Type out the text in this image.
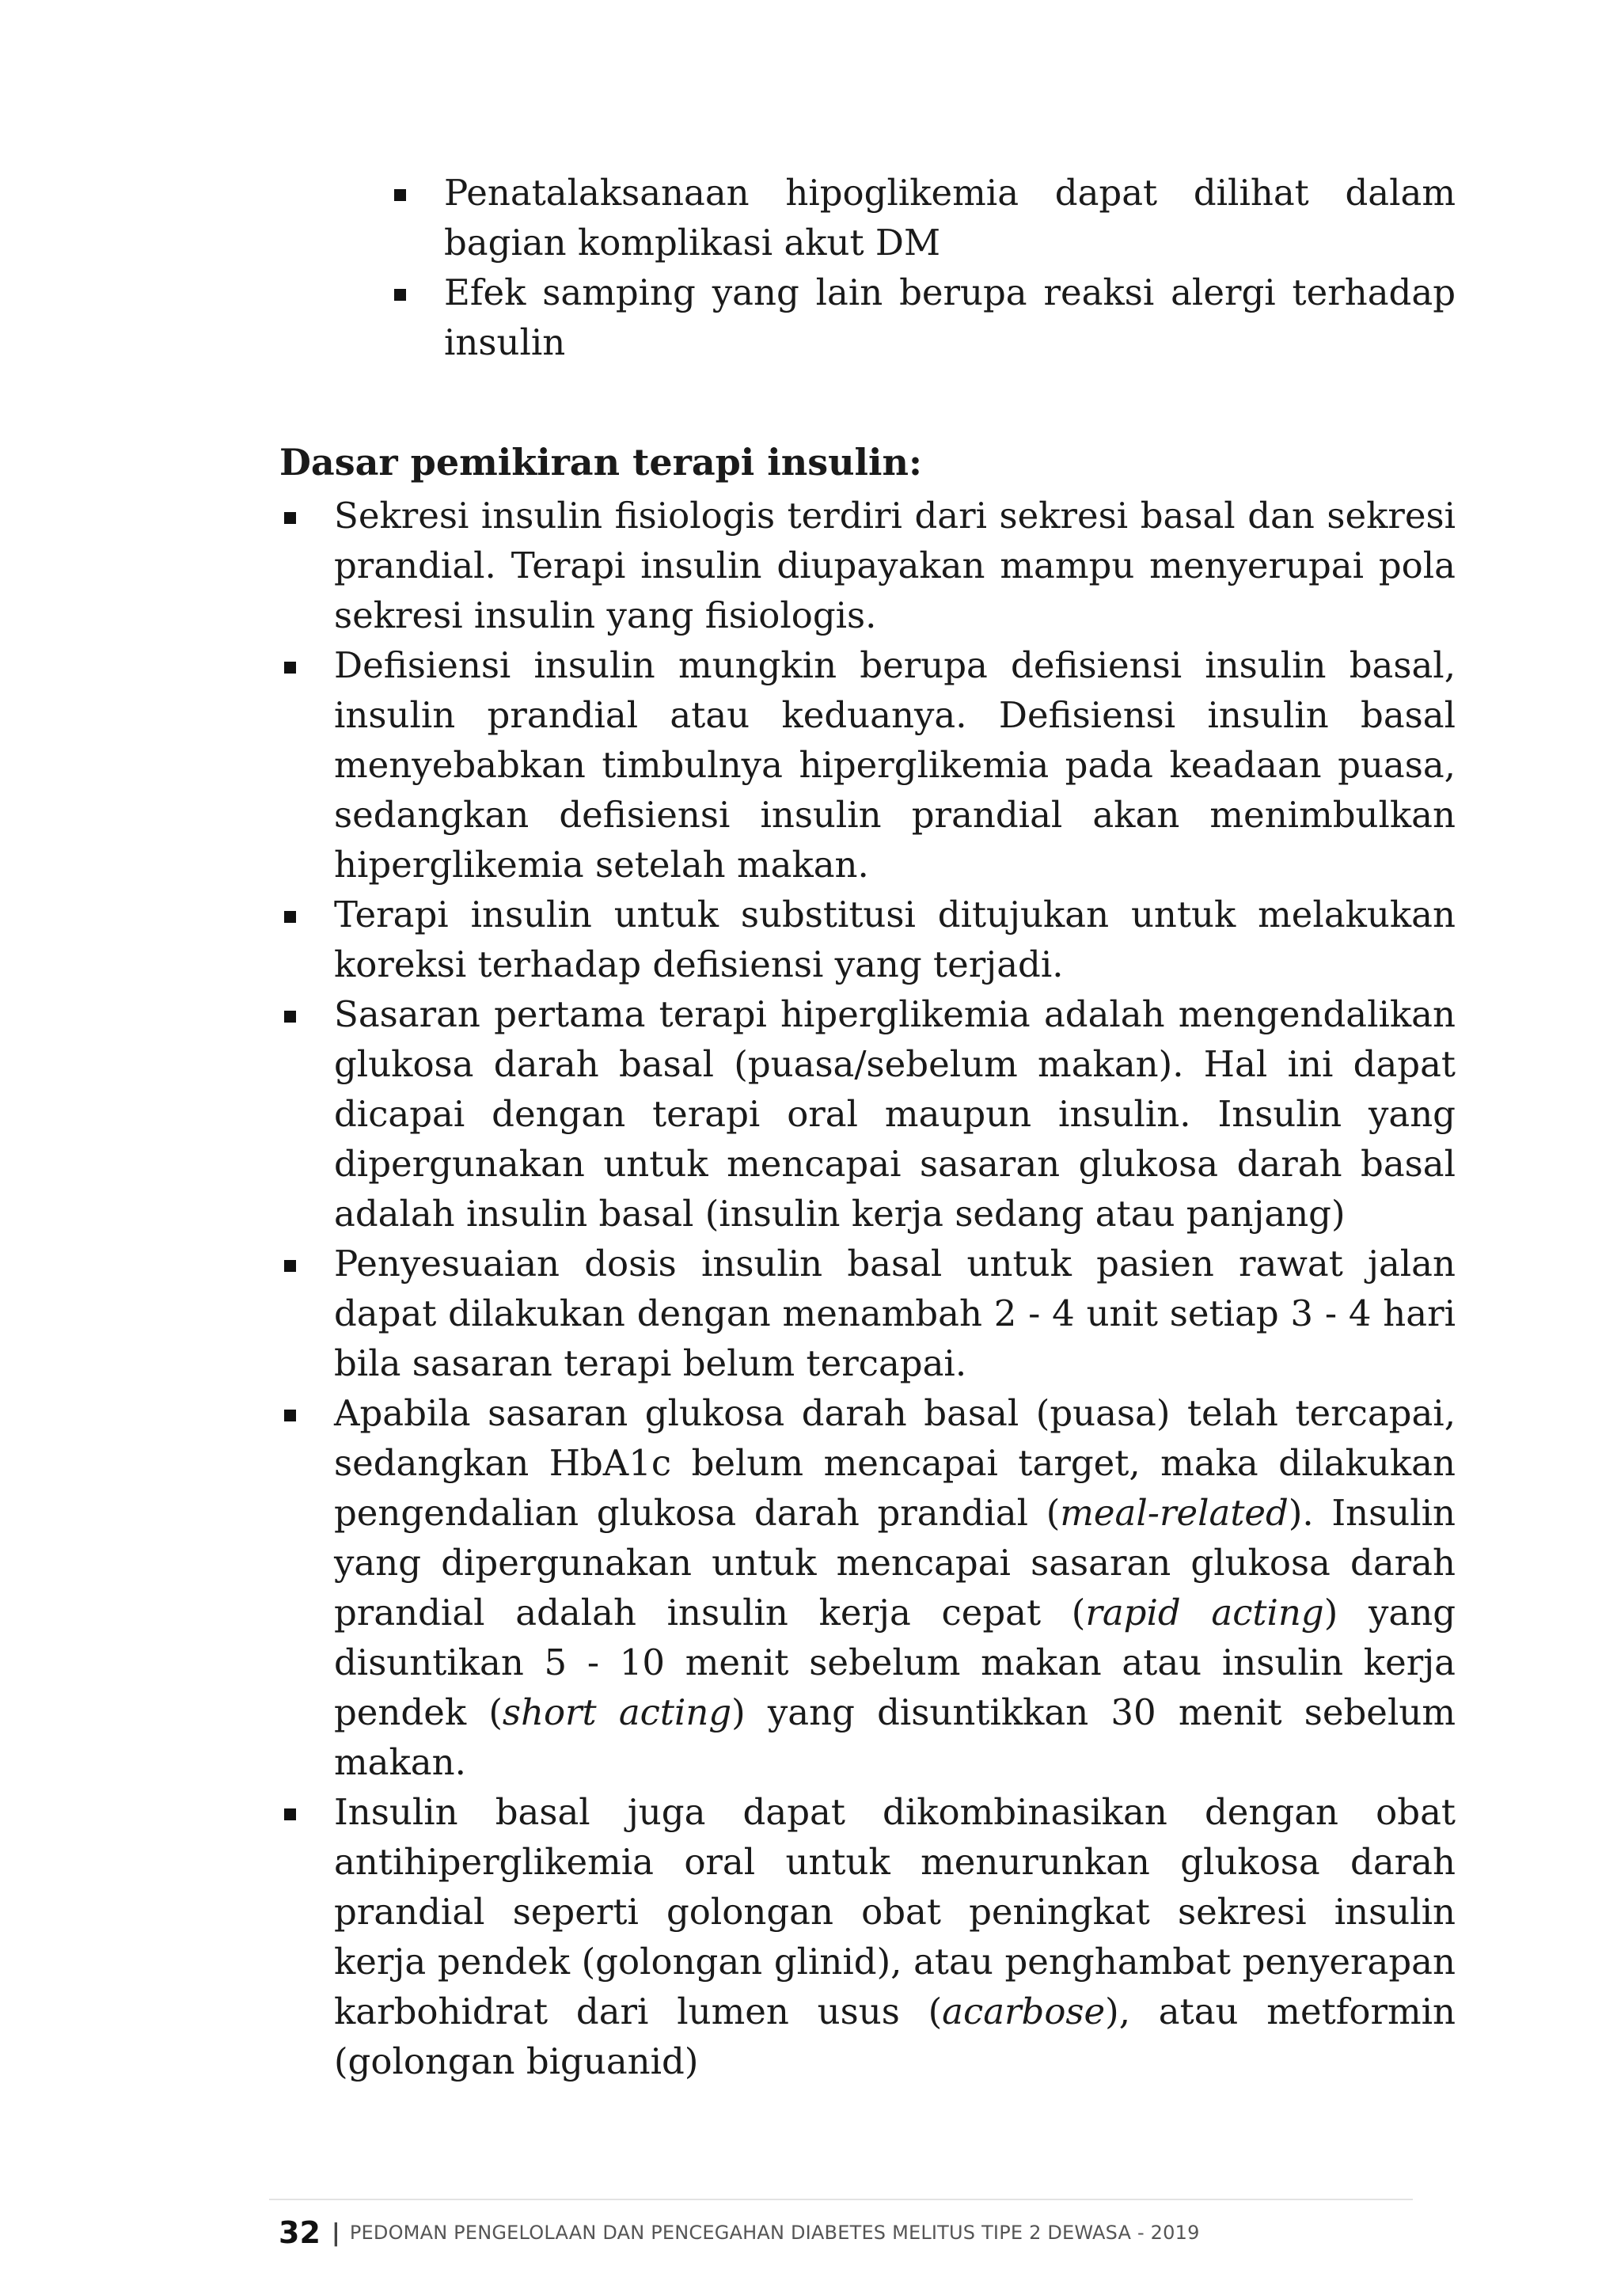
Penatalaksanaan hipoglikemia dapat dilihat dalam bagian komplikasi akut DM
Efek samping yang lain berupa reaksi alergi terhadap insulin
Dasar pemikiran terapi insulin:
Sekresi insulin fisiologis terdiri dari sekresi basal dan sekresi prandial. Terapi insulin diupayakan mampu menyerupai pola sekresi insulin yang fisiologis.
Defisiensi insulin mungkin berupa defisiensi insulin basal, insulin prandial atau keduanya. Defisiensi insulin basal menyebabkan timbulnya hiperglikemia pada keadaan puasa, sedangkan defisiensi insulin prandial akan menimbulkan hiperglikemia setelah makan.
Terapi insulin untuk substitusi ditujukan untuk melakukan koreksi terhadap defisiensi yang terjadi.
Sasaran pertama terapi hiperglikemia adalah mengendalikan glukosa darah basal (puasa/sebelum makan). Hal ini dapat dicapai dengan terapi oral maupun insulin. Insulin yang dipergunakan untuk mencapai sasaran glukosa darah basal adalah insulin basal (insulin kerja sedang atau panjang)
Penyesuaian dosis insulin basal untuk pasien rawat jalan dapat dilakukan dengan menambah 2 - 4 unit setiap 3 - 4 hari bila sasaran terapi belum tercapai.
Apabila sasaran glukosa darah basal (puasa) telah tercapai, sedangkan HbA1c belum mencapai target, maka dilakukan pengendalian glukosa darah prandial (meal-related). Insulin yang dipergunakan untuk mencapai sasaran glukosa darah prandial adalah insulin kerja cepat (rapid acting) yang disuntikan 5 - 10 menit sebelum makan atau insulin kerja pendek (short acting) yang disuntikkan 30 menit sebelum makan.
Insulin basal juga dapat dikombinasikan dengan obat antihiperglikemia oral untuk menurunkan glukosa darah prandial seperti golongan obat peningkat sekresi insulin kerja pendek (golongan glinid), atau penghambat penyerapan karbohidrat dari lumen usus (acarbose), atau metformin (golongan biguanid)
32 | PEDOMAN PENGELOLAAN DAN PENCEGAHAN DIABETES MELITUS TIPE 2 DEWASA - 2019
